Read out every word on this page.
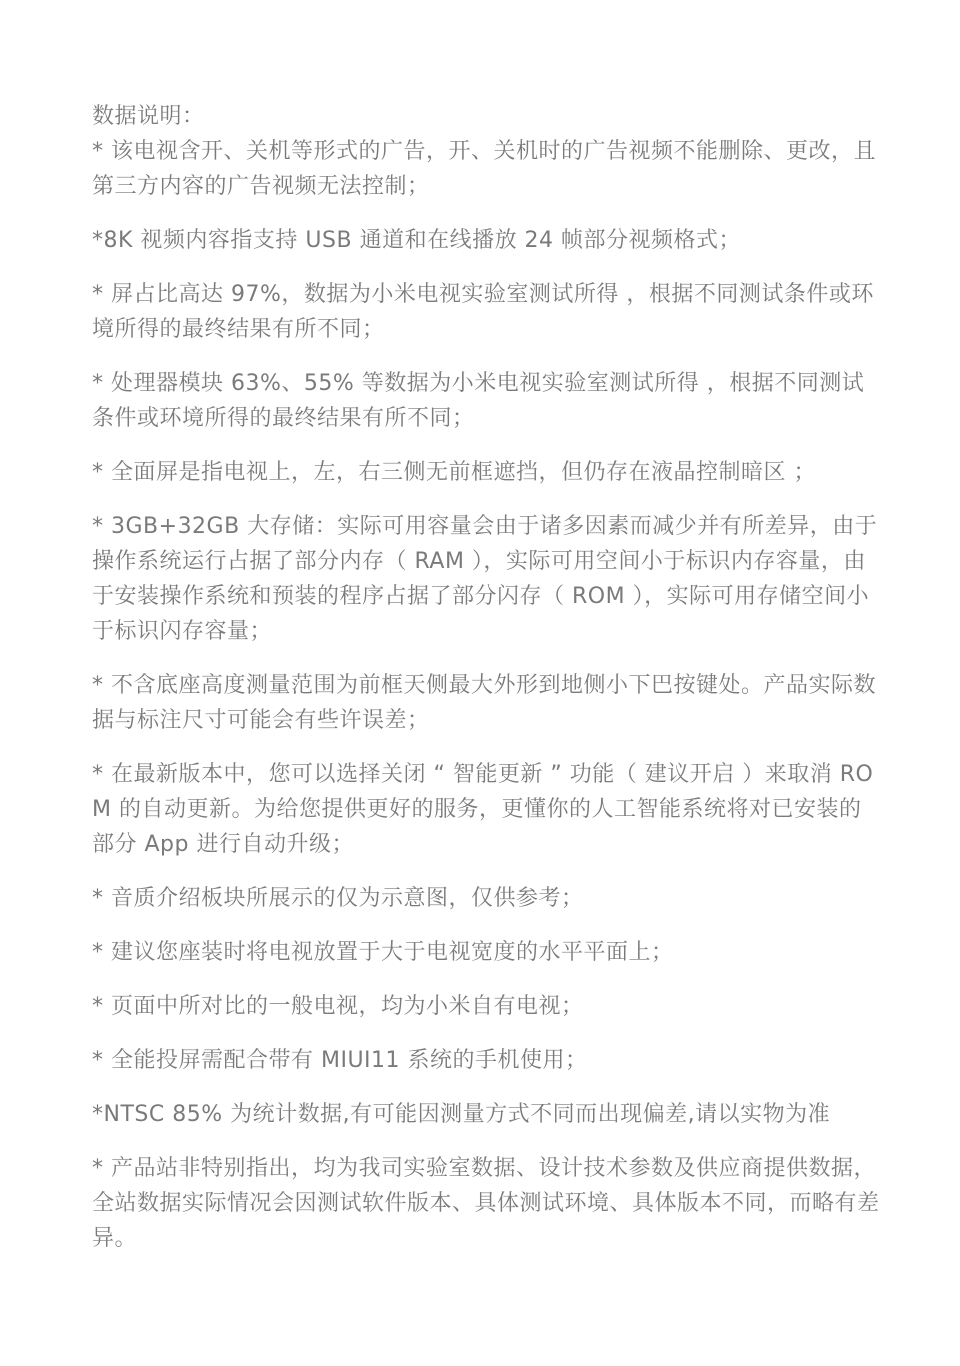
数据说明：

* 该电视含开、关机等形式的广告，开、关机时的广告视频不能删除、更改，且第三方内容的广告视频无法控制；

*8K 视频内容指支持 USB 通道和在线播放 24 帧部分视频格式；

* 屏占比高达 97%，数据为小米电视实验室测试所得 ，根据不同测试条件或环境所得的最终结果有所不同；

* 处理器模块 63%、55% 等数据为小米电视实验室测试所得 ，根据不同测试条件或环境所得的最终结果有所不同；

* 全面屏是指电视上，左，右三侧无前框遮挡，但仍存在液晶控制暗区 ；

* 3GB+32GB 大存储：实际可用容量会由于诸多因素而减少并有所差异，由于操作系统运行占据了部分内存（ RAM ），实际可用空间小于标识内存容量，由于安装操作系统和预装的程序占据了部分闪存（ ROM ），实际可用存储空间小于标识闪存容量；

* 不含底座高度测量范围为前框天侧最大外形到地侧小下巴按键处。产品实际数据与标注尺寸可能会有些许误差；

* 在最新版本中，您可以选择关闭 “ 智能更新 ” 功能（ 建议开启 ）来取消 ROM 的自动更新。为给您提供更好的服务，更懂你的人工智能系统将对已安装的部分 App 进行自动升级；

* 音质介绍板块所展示的仅为示意图，仅供参考；

* 建议您座装时将电视放置于大于电视宽度的水平平面上；

* 页面中所对比的一般电视，均为小米自有电视；

* 全能投屏需配合带有 MIUI11 系统的手机使用；

*NTSC 85% 为统计数据,有可能因测量方式不同而出现偏差,请以实物为准

* 产品站非特别指出，均为我司实验室数据、设计技术参数及供应商提供数据，全站数据实际情况会因测试软件版本、具体测试环境、具体版本不同，而略有差异。
